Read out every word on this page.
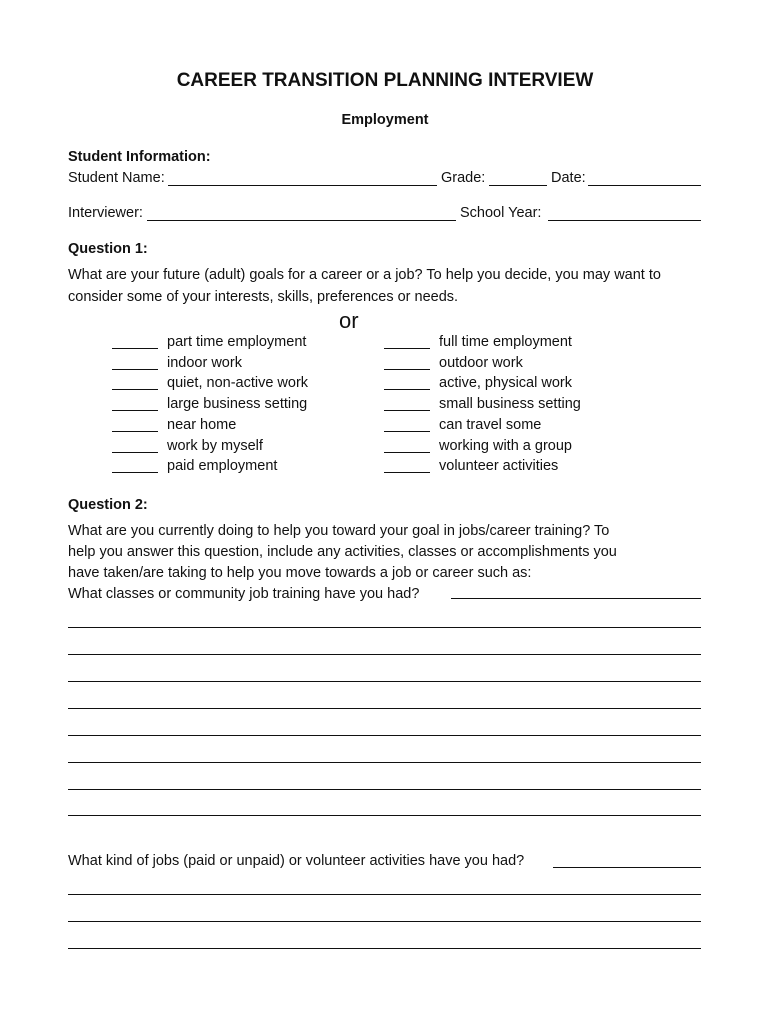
CAREER TRANSITION PLANNING INTERVIEW
Employment
Student Information:
Student Name:	Grade:	Date:
Interviewer:	School Year:
Question 1:
What are your future (adult) goals for a career or a job? To help you decide, you may want to
consider some of your interests, skills, preferences or needs.
or
part time employment
indoor work
quiet, non-active work
large business setting
near home
work by myself
paid employment
full time employment
outdoor work
active, physical work
small business setting
can travel some
working with a group
volunteer activities
Question 2:
What are you currently doing to help you toward your goal in jobs/career training? To
help you answer this question, include any activities, classes or accomplishments you
have taken/are taking to help you move towards a job or career such as:
What classes or community job training have you had?
What kind of jobs (paid or unpaid) or volunteer activities have you had?
